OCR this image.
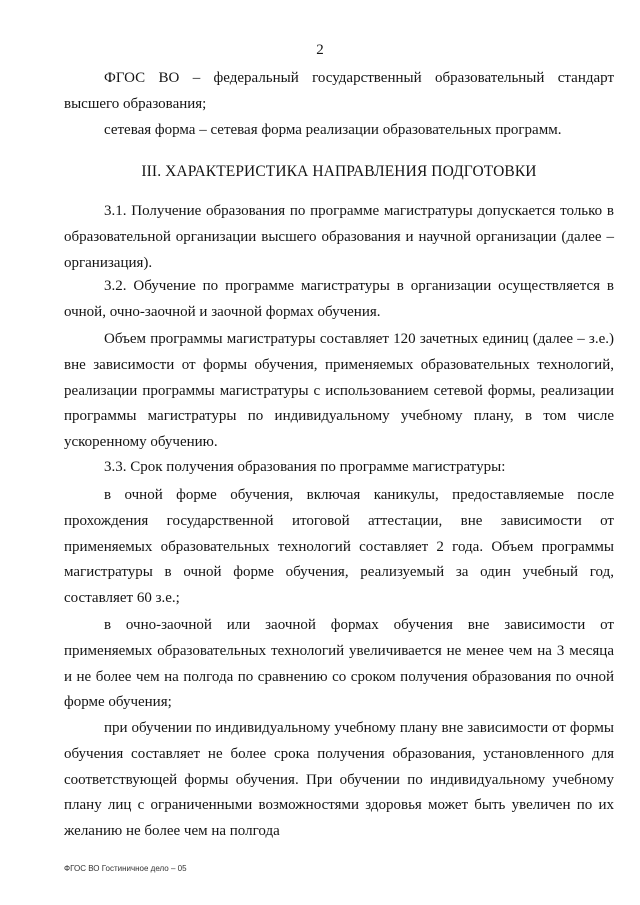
2

ФГОС ВО – федеральный государственный образовательный стандарт высшего образования;

сетевая форма – сетевая форма реализации образовательных программ.

III. ХАРАКТЕРИСТИКА НАПРАВЛЕНИЯ ПОДГОТОВКИ

3.1. Получение образования по программе магистратуры допускается только в образовательной организации высшего образования и научной организации (далее – организация).

3.2. Обучение по программе магистратуры в организации осуществляется в очной, очно-заочной и заочной формах обучения.

Объем программы магистратуры составляет 120 зачетных единиц (далее – з.е.) вне зависимости от формы обучения, применяемых образовательных технологий, реализации программы магистратуры с использованием сетевой формы, реализации программы магистратуры по индивидуальному учебному плану, в том числе ускоренному обучению.

3.3. Срок получения образования по программе магистратуры:

в очной форме обучения, включая каникулы, предоставляемые после прохождения государственной итоговой аттестации, вне зависимости от применяемых образовательных технологий составляет 2 года. Объем программы магистратуры в очной форме обучения, реализуемый за один учебный год, составляет 60 з.е.;

в очно-заочной или заочной формах обучения вне зависимости от применяемых образовательных технологий увеличивается не менее чем на 3 месяца и не более чем на полгода по сравнению со сроком получения образования по очной форме обучения;

при обучении по индивидуальному учебному плану вне зависимости от формы обучения составляет не более срока получения образования, установленного для соответствующей формы обучения. При обучении по индивидуальному учебному плану лиц с ограниченными возможностями здоровья может быть увеличен по их желанию не более чем на полгода

ФГОС ВО Гостиничное дело – 05
